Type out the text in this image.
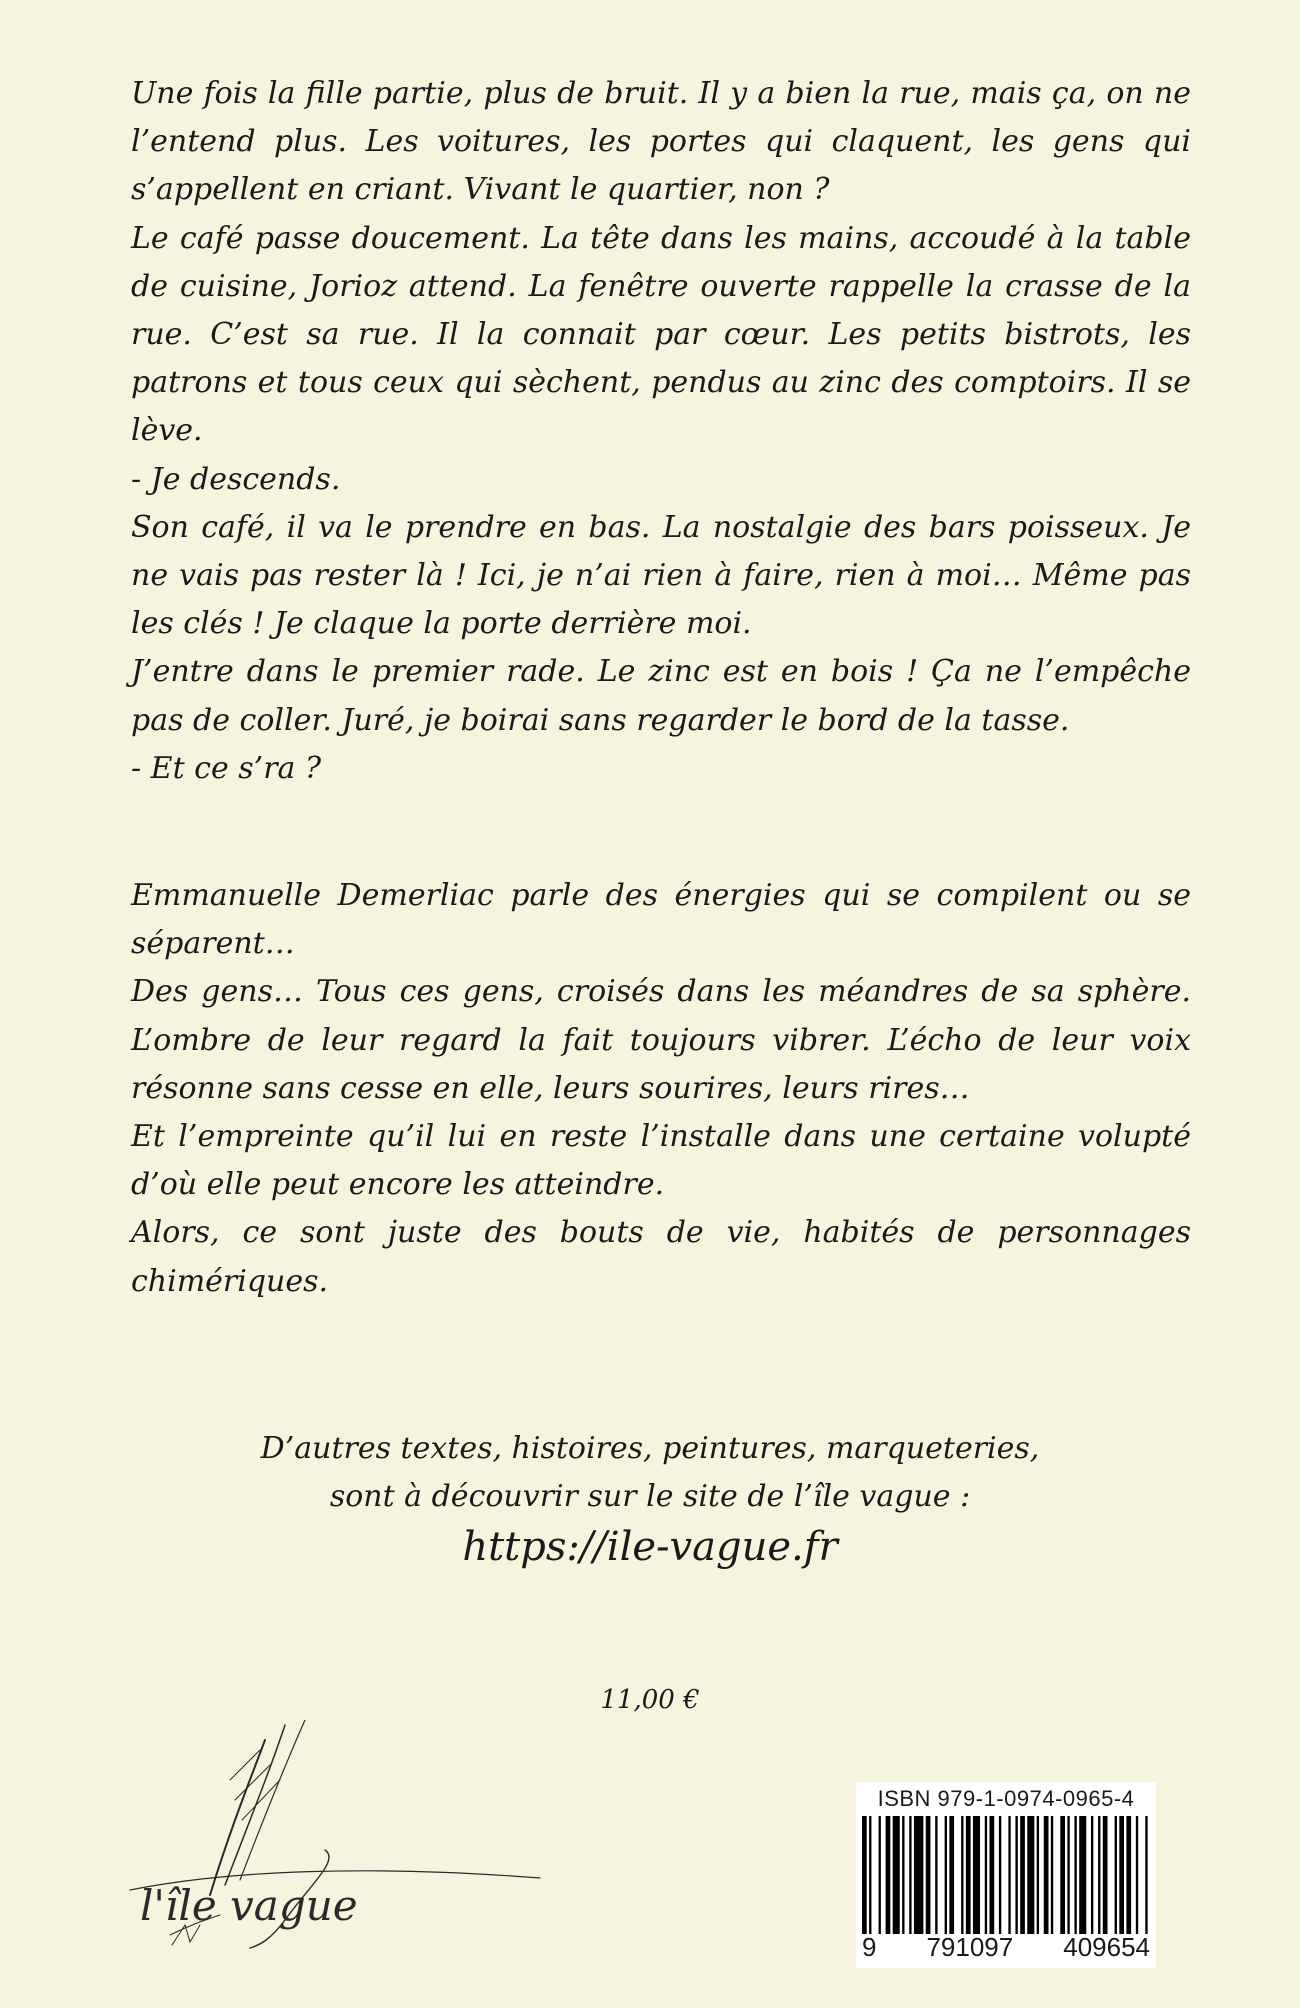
Une fois la fille partie, plus de bruit. Il y a bien la rue, mais ça, on ne l’entend plus. Les voitures, les portes qui claquent, les gens qui s’appellent en criant. Vivant le quartier, non ?

Le café passe doucement. La tête dans les mains, accoudé à la table de cuisine, Jorioz attend. La fenêtre ouverte rappelle la crasse de la rue. C’est sa rue. Il la connait par cœur. Les petits bistrots, les patrons et tous ceux qui sèchent, pendus au zinc des comptoirs. Il se lève.

- Je descends.

Son café, il va le prendre en bas. La nostalgie des bars poisseux. Je ne vais pas rester là ! Ici, je n’ai rien à faire, rien à moi… Même pas les clés ! Je claque la porte derrière moi.

J’entre dans le premier rade. Le zinc est en bois ! Ça ne l’empêche pas de coller. Juré, je boirai sans regarder le bord de la tasse.

- Et ce s’ra ?

Emmanuelle Demerliac parle des énergies qui se compilent ou se séparent…

Des gens… Tous ces gens, croisés dans les méandres de sa sphère. L’ombre de leur regard la fait toujours vibrer. L’écho de leur voix résonne sans cesse en elle, leurs sourires, leurs rires…

Et l’empreinte qu’il lui en reste l’installe dans une certaine volupté d’où elle peut encore les atteindre.

Alors, ce sont juste des bouts de vie, habités de personnages chimériques.

D’autres textes, histoires, peintures, marqueteries,

sont à découvrir sur le site de l’île vague :

https://ile-vague.fr
11,00 €
l'île vague
ISBN 979-1-0974-0965-4
9 791097 409654
